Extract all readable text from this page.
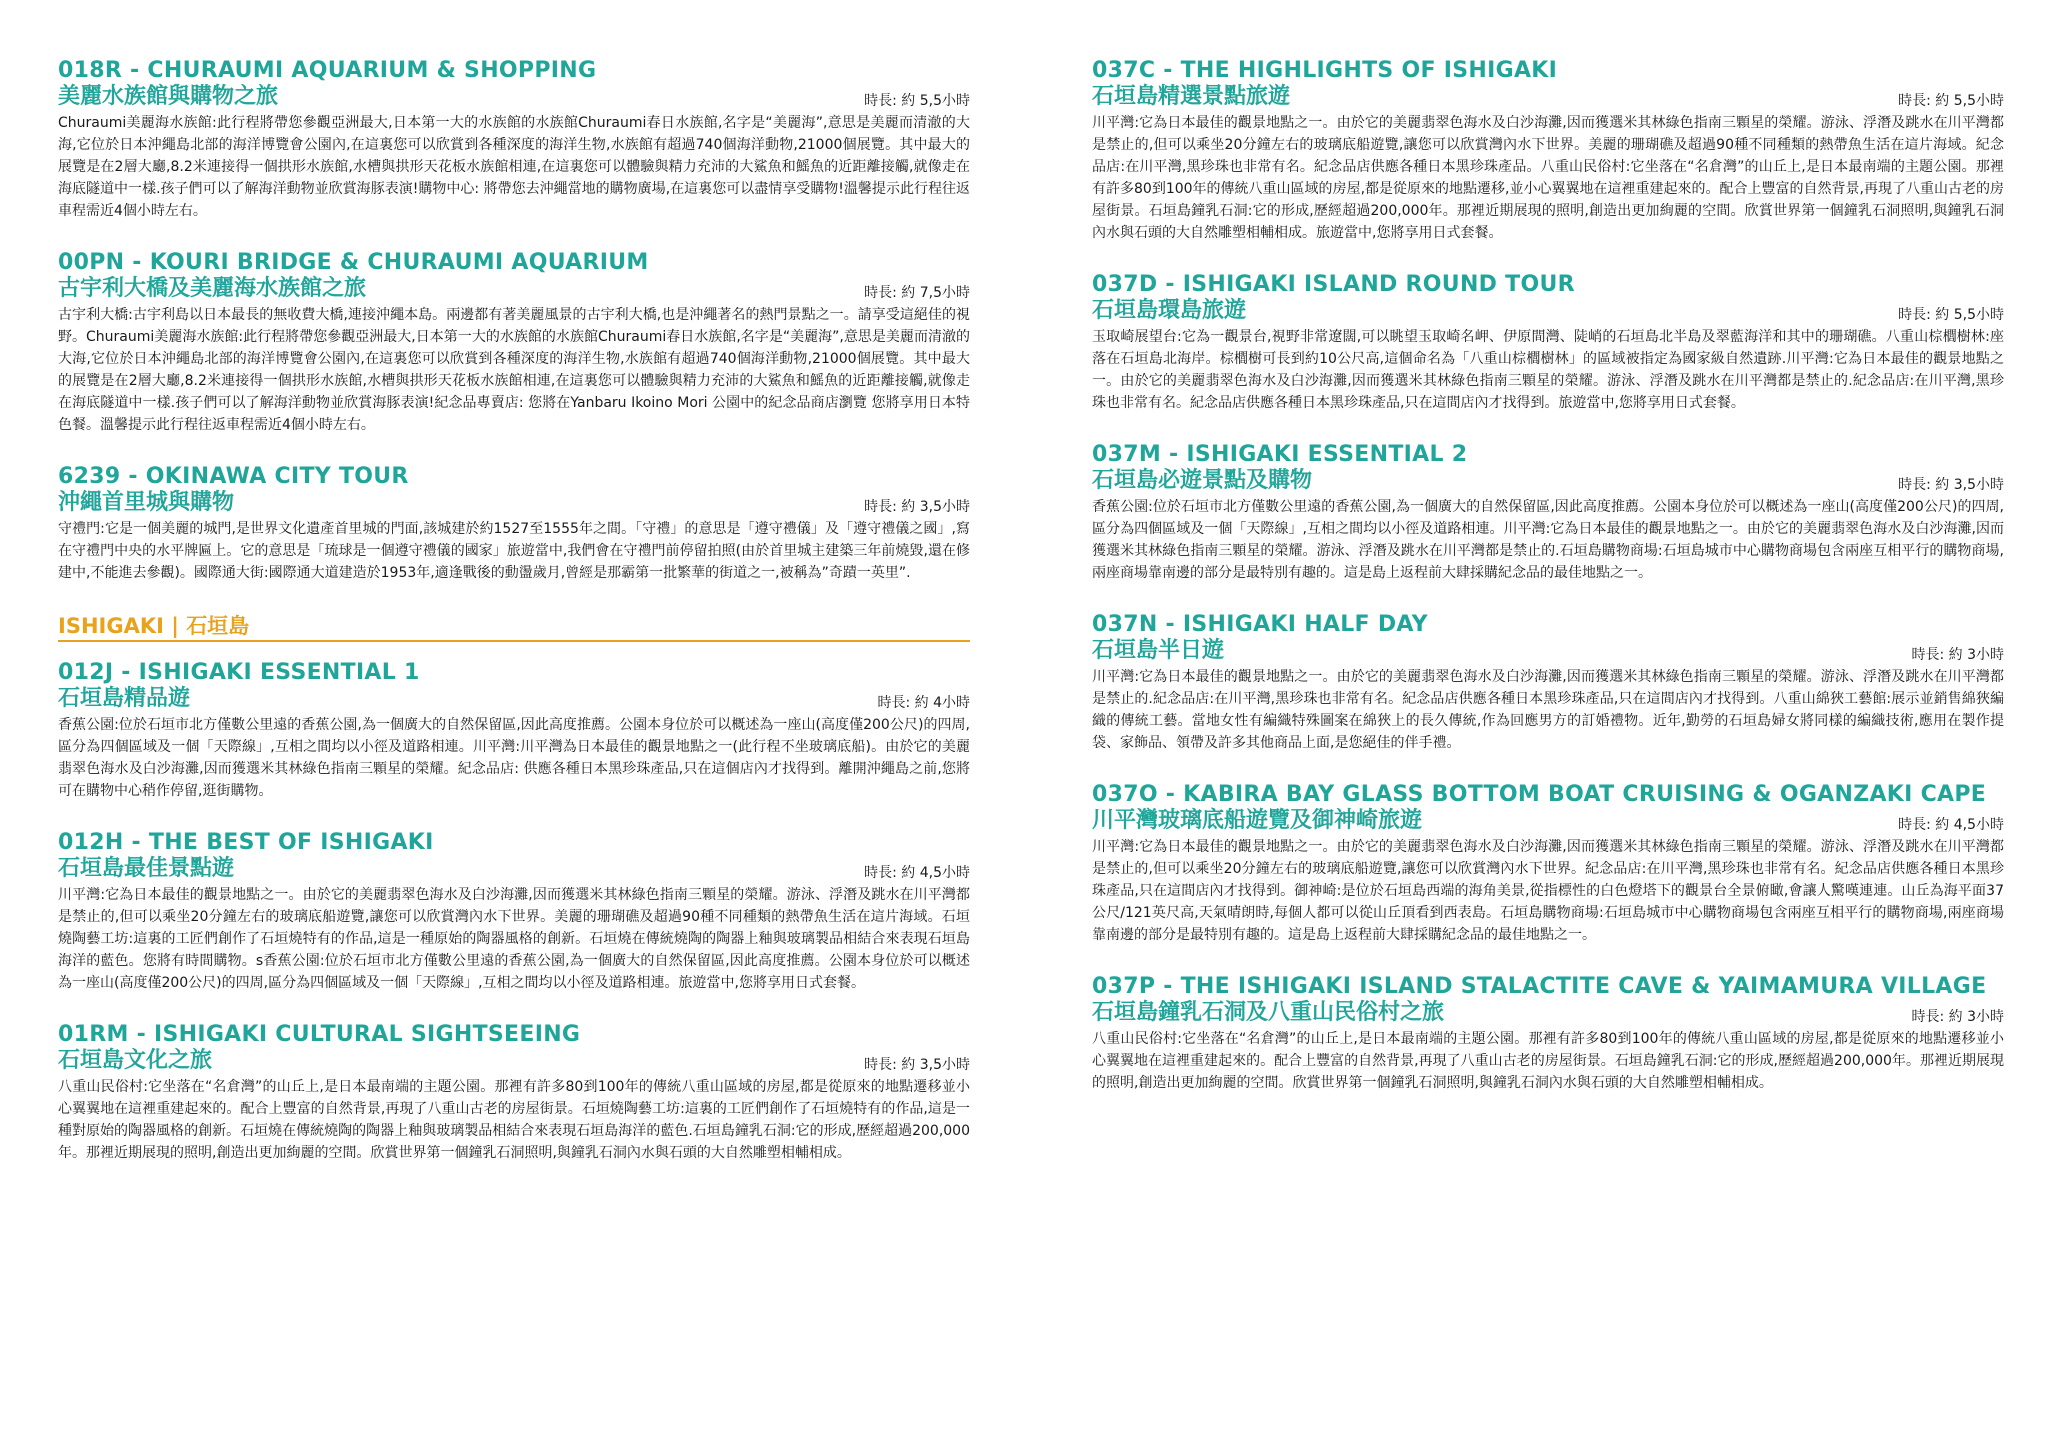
018R - CHURAUMI AQUARIUM & SHOPPING
美麗水族館與購物之旅	時長: 約 5,5小時

Churaumi美麗海水族館:此行程將帶您參觀亞洲最大,日本第一大的水族館的水族館Churaumi春日水族館,名字是“美麗海”,意思是美麗而清澈的大海,它位於日本沖繩島北部的海洋博覽會公園內,在這裏您可以欣賞到各種深度的海洋生物,水族館有超過740個海洋動物,21000個展覽。其中最大的展覽是在2層大廳,8.2米連接得一個拱形水族館,水槽與拱形天花板水族館相連,在這裏您可以體驗與精力充沛的大鯊魚和鰩魚的近距離接觸,就像走在海底隧道中一樣.孩子們可以了解海洋動物並欣賞海豚表演!購物中心: 將帶您去沖繩當地的購物廣場,在這裏您可以盡情享受購物!溫馨提示此行程往返車程需近4個小時左右。

00PN - KOURI BRIDGE & CHURAUMI AQUARIUM
古宇利大橋及美麗海水族館之旅	時長: 約 7,5小時

古宇利大橋:古宇利島以日本最長的無收費大橋,連接沖繩本島。兩邊都有著美麗風景的古宇利大橋,也是沖繩著名的熱門景點之一。請享受這絕佳的視野。Churaumi美麗海水族館:此行程將帶您參觀亞洲最大,日本第一大的水族館的水族館Churaumi春日水族館,名字是“美麗海”,意思是美麗而清澈的大海,它位於日本沖繩島北部的海洋博覽會公園內,在這裏您可以欣賞到各種深度的海洋生物,水族館有超過740個海洋動物,21000個展覽。其中最大的展覽是在2層大廳,8.2米連接得一個拱形水族館,水槽與拱形天花板水族館相連,在這裏您可以體驗與精力充沛的大鯊魚和鰩魚的近距離接觸,就像走在海底隧道中一樣.孩子們可以了解海洋動物並欣賞海豚表演!紀念品專賣店: 您將在Yanbaru Ikoino Mori 公園中的紀念品商店瀏覽 您將享用日本特色餐。溫馨提示此行程往返車程需近4個小時左右。

6239 - OKINAWA CITY TOUR
沖繩首里城與購物	時長: 約 3,5小時

守禮門:它是一個美麗的城門,是世界文化遺產首里城的門面,該城建於約1527至1555年之間。「守禮」的意思是「遵守禮儀」及「遵守禮儀之國」,寫在守禮門中央的水平牌匾上。它的意思是「琉球是一個遵守禮儀的國家」旅遊當中,我們會在守禮門前停留拍照(由於首里城主建築三年前燒毀,還在修建中,不能進去參觀)。國際通大街:國際通大道建造於1953年,適逢戰後的動盪歲月,曾經是那霸第一批繁華的街道之一,被稱為”奇蹟一英里”.

ISHIGAKI | 石垣島
012J - ISHIGAKI ESSENTIAL 1
石垣島精品遊	時長: 約 4小時

香蕉公園:位於石垣市北方僅數公里遠的香蕉公園,為一個廣大的自然保留區,因此高度推薦。公園本身位於可以概述為一座山(高度僅200公尺)的四周,區分為四個區域及一個「天際線」,互相之間均以小徑及道路相連。川平灣:川平灣為日本最佳的觀景地點之一(此行程不坐玻璃底船)。由於它的美麗翡翠色海水及白沙海灘,因而獲選米其林綠色指南三顆星的榮耀。紀念品店: 供應各種日本黑珍珠產品,只在這個店內才找得到。離開沖繩島之前,您將可在購物中心稍作停留,逛街購物。

012H - THE BEST OF ISHIGAKI
石垣島最佳景點遊	時長: 約 4,5小時

川平灣:它為日本最佳的觀景地點之一。由於它的美麗翡翠色海水及白沙海灘,因而獲選米其林綠色指南三顆星的榮耀。游泳、浮潛及跳水在川平灣都是禁止的,但可以乘坐20分鐘左右的玻璃底船遊覽,讓您可以欣賞灣內水下世界。美麗的珊瑚礁及超過90種不同種類的熱帶魚生活在這片海域。石垣燒陶藝工坊:這裏的工匠們創作了石垣燒特有的作品,這是一種原始的陶器風格的創新。石垣燒在傳統燒陶的陶器上釉與玻璃製品相結合來表現石垣島海洋的藍色。您將有時間購物。s香蕉公園:位於石垣市北方僅數公里遠的香蕉公園,為一個廣大的自然保留區,因此高度推薦。公園本身位於可以概述為一座山(高度僅200公尺)的四周,區分為四個區域及一個「天際線」,互相之間均以小徑及道路相連。旅遊當中,您將享用日式套餐。

01RM - ISHIGAKI CULTURAL SIGHTSEEING
石垣島文化之旅	時長: 約 3,5小時

八重山民俗村:它坐落在“名倉灣”的山丘上,是日本最南端的主題公園。那裡有許多80到100年的傳統八重山區域的房屋,都是從原來的地點遷移並小心翼翼地在這裡重建起來的。配合上豐富的自然背景,再現了八重山古老的房屋街景。石垣燒陶藝工坊:這裏的工匠們創作了石垣燒特有的作品,這是一種對原始的陶器風格的創新。石垣燒在傳統燒陶的陶器上釉與玻璃製品相結合來表現石垣島海洋的藍色.石垣島鐘乳石洞:它的形成,歷經超過200,000年。那裡近期展現的照明,創造出更加絢麗的空間。欣賞世界第一個鐘乳石洞照明,與鐘乳石洞內水與石頭的大自然雕塑相輔相成。

037C - THE HIGHLIGHTS OF ISHIGAKI
石垣島精選景點旅遊	時長: 約 5,5小時

川平灣:它為日本最佳的觀景地點之一。由於它的美麗翡翠色海水及白沙海灘,因而獲選米其林綠色指南三顆星的榮耀。游泳、浮潛及跳水在川平灣都是禁止的,但可以乘坐20分鐘左右的玻璃底船遊覽,讓您可以欣賞灣內水下世界。美麗的珊瑚礁及超過90種不同種類的熱帶魚生活在這片海域。紀念品店:在川平灣,黑珍珠也非常有名。紀念品店供應各種日本黑珍珠產品。八重山民俗村:它坐落在“名倉灣”的山丘上,是日本最南端的主題公園。那裡有許多80到100年的傳統八重山區域的房屋,都是從原來的地點遷移,並小心翼翼地在這裡重建起來的。配合上豐富的自然背景,再現了八重山古老的房屋街景。石垣島鐘乳石洞:它的形成,歷經超過200,000年。那裡近期展現的照明,創造出更加絢麗的空間。欣賞世界第一個鐘乳石洞照明,與鐘乳石洞內水與石頭的大自然雕塑相輔相成。旅遊當中,您將享用日式套餐。

037D - ISHIGAKI ISLAND ROUND TOUR
石垣島環島旅遊	時長: 約 5,5小時

玉取崎展望台:它為一觀景台,視野非常遼闊,可以眺望玉取崎名岬、伊原間灣、陡峭的石垣島北半島及翠藍海洋和其中的珊瑚礁。八重山棕櫚樹林:座落在石垣島北海岸。棕櫚樹可長到約10公尺高,這個命名為「八重山棕櫚樹林」的區域被指定為國家級自然遺跡.川平灣:它為日本最佳的觀景地點之一。由於它的美麗翡翠色海水及白沙海灘,因而獲選米其林綠色指南三顆星的榮耀。游泳、浮潛及跳水在川平灣都是禁止的.紀念品店:在川平灣,黑珍珠也非常有名。紀念品店供應各種日本黑珍珠產品,只在這間店內才找得到。旅遊當中,您將享用日式套餐。

037M - ISHIGAKI ESSENTIAL 2
石垣島必遊景點及購物	時長: 約 3,5小時

香蕉公園:位於石垣市北方僅數公里遠的香蕉公園,為一個廣大的自然保留區,因此高度推薦。公園本身位於可以概述為一座山(高度僅200公尺)的四周,區分為四個區域及一個「天際線」,互相之間均以小徑及道路相連。川平灣:它為日本最佳的觀景地點之一。由於它的美麗翡翠色海水及白沙海灘,因而獲選米其林綠色指南三顆星的榮耀。游泳、浮潛及跳水在川平灣都是禁止的.石垣島購物商場:石垣島城市中心購物商場包含兩座互相平行的購物商場,兩座商場靠南邊的部分是最特別有趣的。這是島上返程前大肆採購紀念品的最佳地點之一。

037N - ISHIGAKI HALF DAY
石垣島半日遊	時長: 約 3小時

川平灣:它為日本最佳的觀景地點之一。由於它的美麗翡翠色海水及白沙海灘,因而獲選米其林綠色指南三顆星的榮耀。游泳、浮潛及跳水在川平灣都是禁止的.紀念品店:在川平灣,黑珍珠也非常有名。紀念品店供應各種日本黑珍珠產品,只在這間店內才找得到。八重山綿狹工藝館:展示並銷售綿狹編織的傳統工藝。當地女性有編織特殊圖案在綿狹上的長久傳統,作為回應男方的訂婚禮物。近年,勤勞的石垣島婦女將同樣的編織技術,應用在製作提袋、家飾品、領帶及許多其他商品上面,是您絕佳的伴手禮。

037O - KABIRA BAY GLASS BOTTOM BOAT CRUISING & OGANZAKI CAPE
川平灣玻璃底船遊覽及御神崎旅遊	時長: 約 4,5小時

川平灣:它為日本最佳的觀景地點之一。由於它的美麗翡翠色海水及白沙海灘,因而獲選米其林綠色指南三顆星的榮耀。游泳、浮潛及跳水在川平灣都是禁止的,但可以乘坐20分鐘左右的玻璃底船遊覽,讓您可以欣賞灣內水下世界。紀念品店:在川平灣,黑珍珠也非常有名。紀念品店供應各種日本黑珍珠產品,只在這間店內才找得到。御神崎:是位於石垣島西端的海角美景,從指標性的白色燈塔下的觀景台全景俯瞰,會讓人驚嘆連連。山丘為海平面37公尺/121英尺高,天氣晴朗時,每個人都可以從山丘頂看到西表島。石垣島購物商場:石垣島城市中心購物商場包含兩座互相平行的購物商場,兩座商場靠南邊的部分是最特別有趣的。這是島上返程前大肆採購紀念品的最佳地點之一。

037P - THE ISHIGAKI ISLAND STALACTITE CAVE & YAIMAMURA VILLAGE
石垣島鐘乳石洞及八重山民俗村之旅	時長: 約 3小時

八重山民俗村:它坐落在“名倉灣”的山丘上,是日本最南端的主題公園。那裡有許多80到100年的傳統八重山區域的房屋,都是從原來的地點遷移並小心翼翼地在這裡重建起來的。配合上豐富的自然背景,再現了八重山古老的房屋街景。石垣島鐘乳石洞:它的形成,歷經超過200,000年。那裡近期展現的照明,創造出更加絢麗的空間。欣賞世界第一個鐘乳石洞照明,與鐘乳石洞內水與石頭的大自然雕塑相輔相成。
